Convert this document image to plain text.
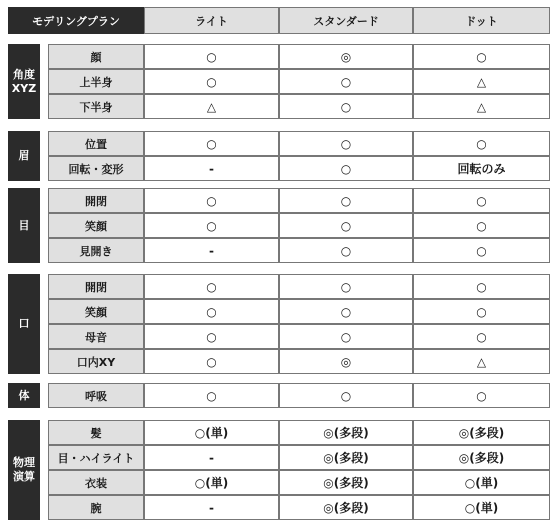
モデリングプラン	ライト	スタンダード	ドット
角度
XYZ
顔	○	◎	○
上半身	○	○	△
下半身	△	○	△
眉
位置	○	○	○
回転・変形	-	○	回転のみ
目
開閉	○	○	○
笑顔	○	○	○
見開き	-	○	○
口
開閉	○	○	○
笑顔	○	○	○
母音	○	○	○
口内XY	○	◎	△
体	呼吸	○	○	○
物理
演算
髪	○(単)	◎(多段)	◎(多段)
目・ハイライト	-	◎(多段)	◎(多段)
衣装	○(単)	◎(多段)	○(単)
腕	-	◎(多段)	○(単)
